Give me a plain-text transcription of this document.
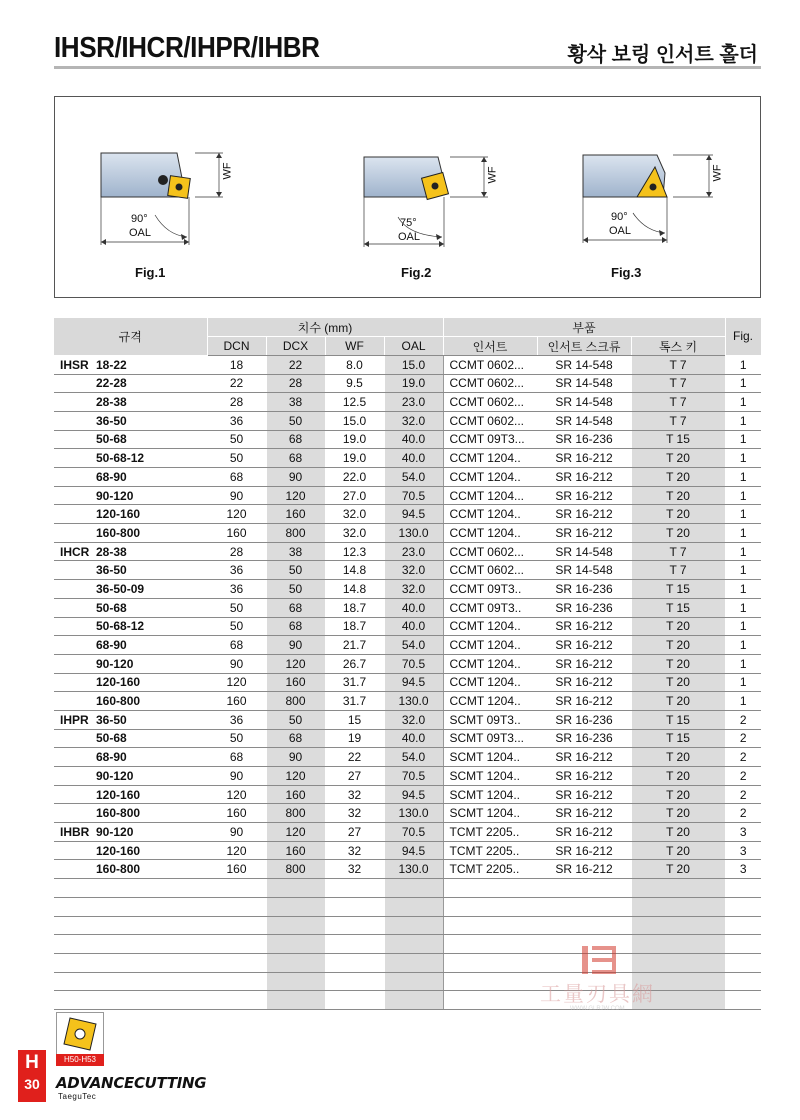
IHSR/IHCR/IHPR/IHBR	황삭 보링 인서트 홀더
WF
90°
OAL
Fig.1
WF
75°
OAL
Fig.2
WF
90°
OAL
Fig.3
규격	치수 (mm)				부품			Fig.
	DCN	DCX	WF	OAL	인서트	인서트 스크류	톡스 키	
IHSR 18-22	18	22	8.0	15.0	CCMT 0602...	SR 14-548	T 7	1
22-28	22	28	9.5	19.0	CCMT 0602...	SR 14-548	T 7	1
28-38	28	38	12.5	23.0	CCMT 0602...	SR 14-548	T 7	1
36-50	36	50	15.0	32.0	CCMT 0602...	SR 14-548	T 7	1
50-68	50	68	19.0	40.0	CCMT 09T3...	SR 16-236	T 15	1
50-68-12	50	68	19.0	40.0	CCMT 1204..	SR 16-212	T 20	1
68-90	68	90	22.0	54.0	CCMT 1204..	SR 16-212	T 20	1
90-120	90	120	27.0	70.5	CCMT 1204...	SR 16-212	T 20	1
120-160	120	160	32.0	94.5	CCMT 1204..	SR 16-212	T 20	1
160-800	160	800	32.0	130.0	CCMT 1204..	SR 16-212	T 20	1
IHCR 28-38	28	38	12.3	23.0	CCMT 0602...	SR 14-548	T 7	1
36-50	36	50	14.8	32.0	CCMT 0602...	SR 14-548	T 7	1
36-50-09	36	50	14.8	32.0	CCMT 09T3..	SR 16-236	T 15	1
50-68	50	68	18.7	40.0	CCMT 09T3..	SR 16-236	T 15	1
50-68-12	50	68	18.7	40.0	CCMT 1204..	SR 16-212	T 20	1
68-90	68	90	21.7	54.0	CCMT 1204..	SR 16-212	T 20	1
90-120	90	120	26.7	70.5	CCMT 1204..	SR 16-212	T 20	1
120-160	120	160	31.7	94.5	CCMT 1204..	SR 16-212	T 20	1
160-800	160	800	31.7	130.0	CCMT 1204..	SR 16-212	T 20	1
IHPR 36-50	36	50	15	32.0	SCMT 09T3..	SR 16-236	T 15	2
50-68	50	68	19	40.0	SCMT 09T3...	SR 16-236	T 15	2
68-90	68	90	22	54.0	SCMT 1204..	SR 16-212	T 20	2
90-120	90	120	27	70.5	SCMT 1204..	SR 16-212	T 20	2
120-160	120	160	32	94.5	SCMT 1204..	SR 16-212	T 20	2
160-800	160	800	32	130.0	SCMT 1204..	SR 16-212	T 20	2
IHBR 90-120	90	120	27	70.5	TCMT 2205..	SR 16-212	T 20	3
120-160	120	160	32	94.5	TCMT 2205..	SR 16-212	T 20	3
160-800	160	800	32	130.0	TCMT 2205..	SR 16-212	T 20	3

工量刃具網
WWW.GLRJW.COM
H50-H53
H
30	ADVANCECUTTING
TaeguTec
